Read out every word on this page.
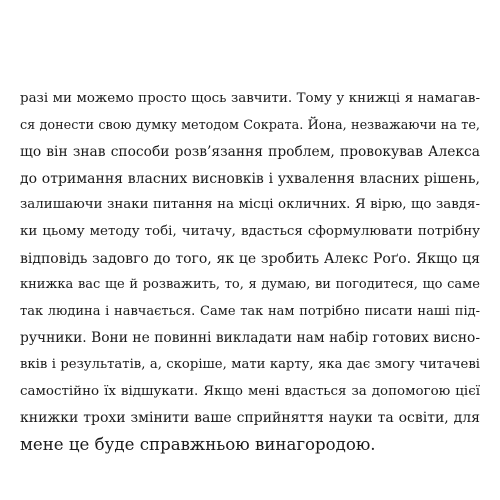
разі ми можемо просто щось завчити. Тому у книжці я намагав-
ся донести свою думку методом Сократа. Йона, незважаючи на те,
що він знав способи розв’язання проблем, провокував Алекса
до отримання власних висновків і ухвалення власних рішень,
залишаючи знаки питання на місці окличних. Я вірю, що завдя-
ки цьому методу тобі, читачу, вдасться сформулювати потрібну
відповідь задовго до того, як це зробить Алекс Роґо. Якщо ця
книжка вас ще й розважить, то, я думаю, ви погодитеся, що саме
так людина і навчається. Саме так нам потрібно писати наші під-
ручники. Вони не повинні викладати нам набір готових висно-
вків і результатів, а, скоріше, мати карту, яка дає змогу читачеві
самостійно їх відшукати. Якщо мені вдасться за допомогою цієї
книжки трохи змінити ваше сприйняття науки та освіти, для
мене це буде справжньою винагородою.
